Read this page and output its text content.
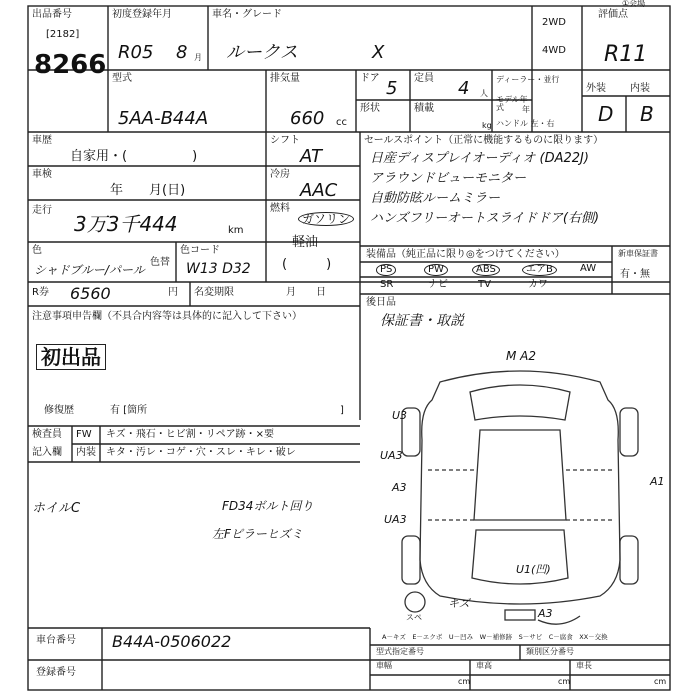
出品番号
[2182]
8266
初度登録年月
R05 8 月
車名・グレード
ルークス	X
2WD
4WD
①会場
評価点
R11
外装 内装
D B
型式
5AA-B44A
排気量
660 cc
ドア 5 定員 4 人
形状	積載
kg
ディーラー・並行
モデル年式	年
ハンドル 左・右
車歴
自家用・(　　　　　)
シフト
AT
車検
年　　月(日)
冷房
AAC
走行
3万3千444	km
燃料
ガソリン
軽油
(　　　)
色
シャドブルー/パール
色替
色コード
W13 D32
R券 6560	円 名変期限	月　　日
セールスポイント（正常に機能するものに限ります）
日産ディスプレイオーディオ (DA22J)
アラウンドビューモニター
自動防眩ルームミラー
ハンズフリーオートスライドドア(右側)
装備品（純正品に限り◎をつけてください）	新車保証書
有・無
PS	PW	ABS	エアB	AW
SR	ナビ	TV	カワ
後日品
保証書・取説
注意事項申告欄（不具合内容等は具体的に記入して下さい）
初出品
修復歴	有 [箇所	]
検査員
記入欄
FW キズ・飛石・ヒビ割・リペア跡・×要
内装 キタ・汚レ・コゲ・穴・スレ・キレ・破レ
ホイルC	FD34ボルト回り
左Fピラーヒズミ
M A2
U3
UA3
A3
UA3
A1
U1(凹)
A3
キズ
スペ
A－キズ　E－エクボ　U－凹み　W－補修跡　S－サビ　C－腐食　XX－交換
車台番号 B44A-0506022
登録番号
型式指定番号	類別区分番号
車幅
cm
車高
cm
車長
cm
